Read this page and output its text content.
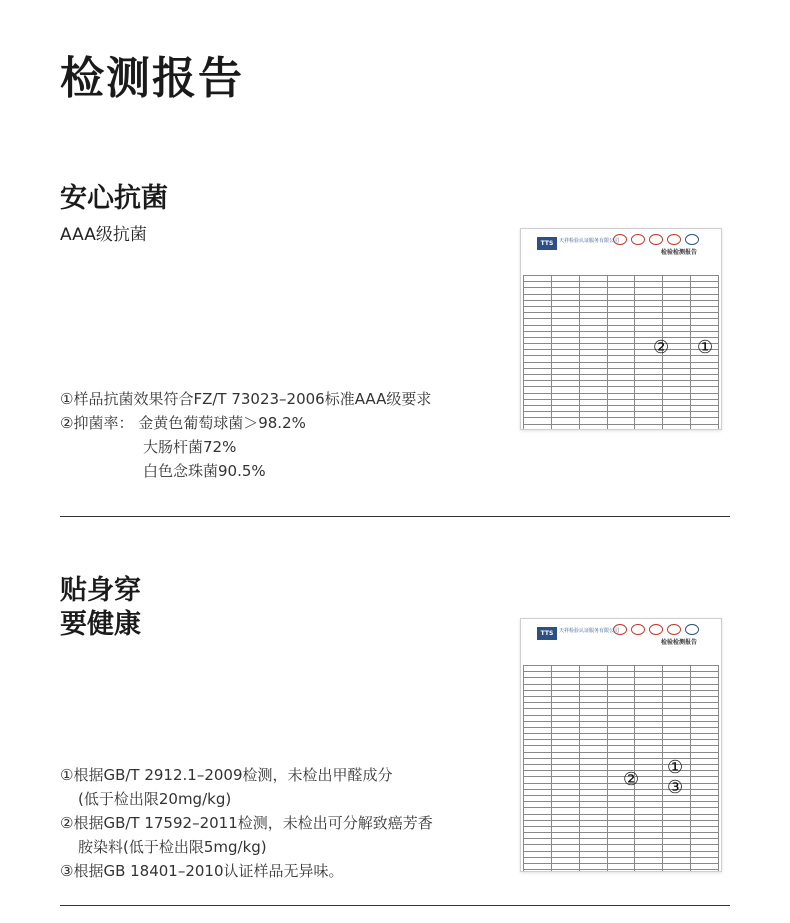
检测报告
安心抗菌
AAA级抗菌	TTS	天祥检验认证服务有限公司
检验检测报告

② ①
①样品抗菌效果符合FZ/T 73023–2006标准AAA级要求
②抑菌率： 金黄色葡萄球菌＞98.2%
大肠杆菌72%
白色念珠菌90.5%
贴身穿
要健康	TTS	天祥检验认证服务有限公司
检验检测报告

①
② ③
①根据GB/T 2912.1–2009检测，未检出甲醛成分
(低于检出限20mg/kg)
②根据GB/T 17592–2011检测，未检出可分解致癌芳香
胺染料(低于检出限5mg/kg)
③根据GB 18401–2010认证样品无异味。
